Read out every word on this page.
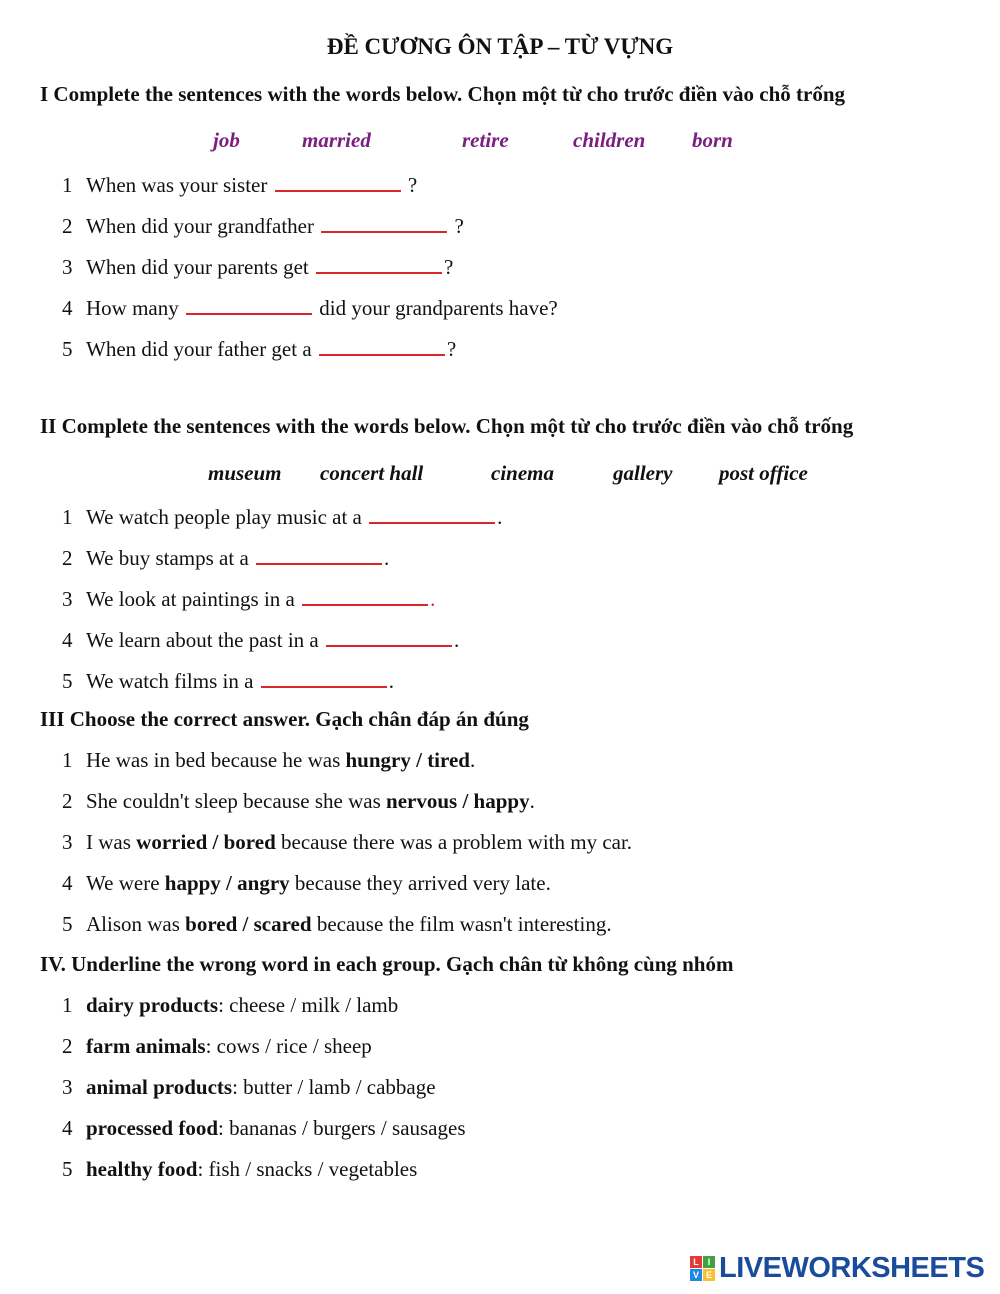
ĐỀ CƯƠNG ÔN TẬP – TỪ VỰNG
I Complete the sentences with the words below. Chọn một từ cho trước điền vào chỗ trống
job	married	retire	children born
1 When was your sister	?
2 When did your grandfather	?
3 When did your parents get	?
4 How many	did your grandparents have?
5 When did your father get a	?
II Complete the sentences with the words below. Chọn một từ cho trước điền vào chỗ trống
museum concert hall	cinema	gallery post office
1 We watch people play music at a	.
2 We buy stamps at a	.
3 We look at paintings in a	.
4 We learn about the past in a	.
5 We watch films in a	.
III Choose the correct answer. Gạch chân đáp án đúng
1 He was in bed because he was hungry / tired.
2 She couldn't sleep because she was nervous / happy.
3 I was worried / bored because there was a problem with my car.
4 We were happy / angry because they arrived very late.
5 Alison was bored / scared because the film wasn't interesting.
IV. Underline the wrong word in each group. Gạch chân từ không cùng nhóm
1 dairy products: cheese / milk / lamb
2 farm animals: cows / rice / sheep
3 animal products: butter / lamb / cabbage
4 processed food: bananas / burgers / sausages
5 healthy food: fish / snacks / vegetables
L I
V E LIVEWORKSHEETS
